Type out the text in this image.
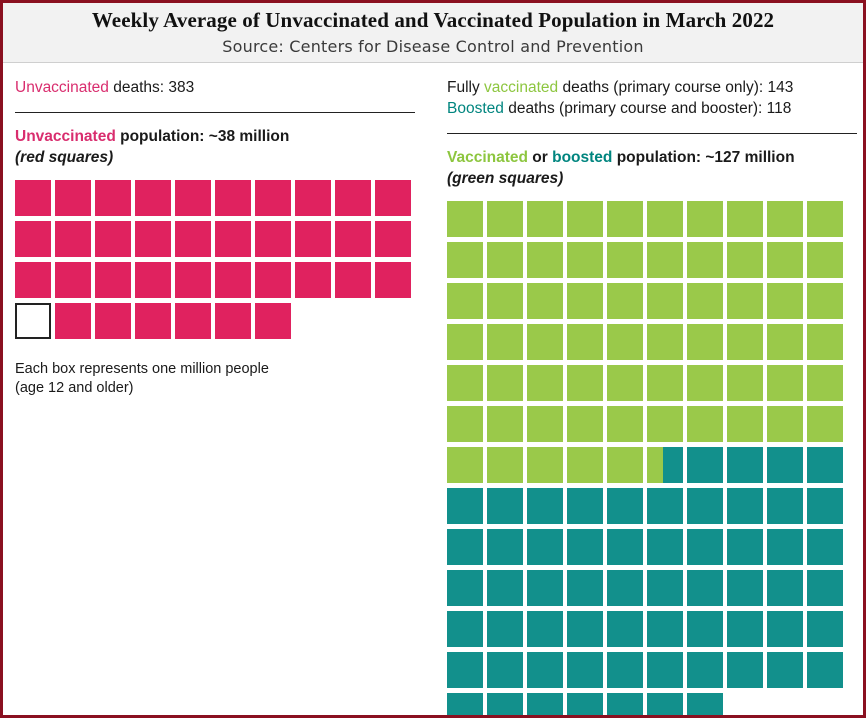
Weekly Average of Unvaccinated and Vaccinated Population in March 2022
Source: Centers for Disease Control and Prevention
Unvaccinated deaths: 383
Unvaccinated population: ~38 million
(red squares)
Each box represents one million people
(age 12 and older)
Fully vaccinated deaths (primary course only): 143
Boosted deaths (primary course and booster): 118
Vaccinated or boosted population: ~127 million
(green squares)
